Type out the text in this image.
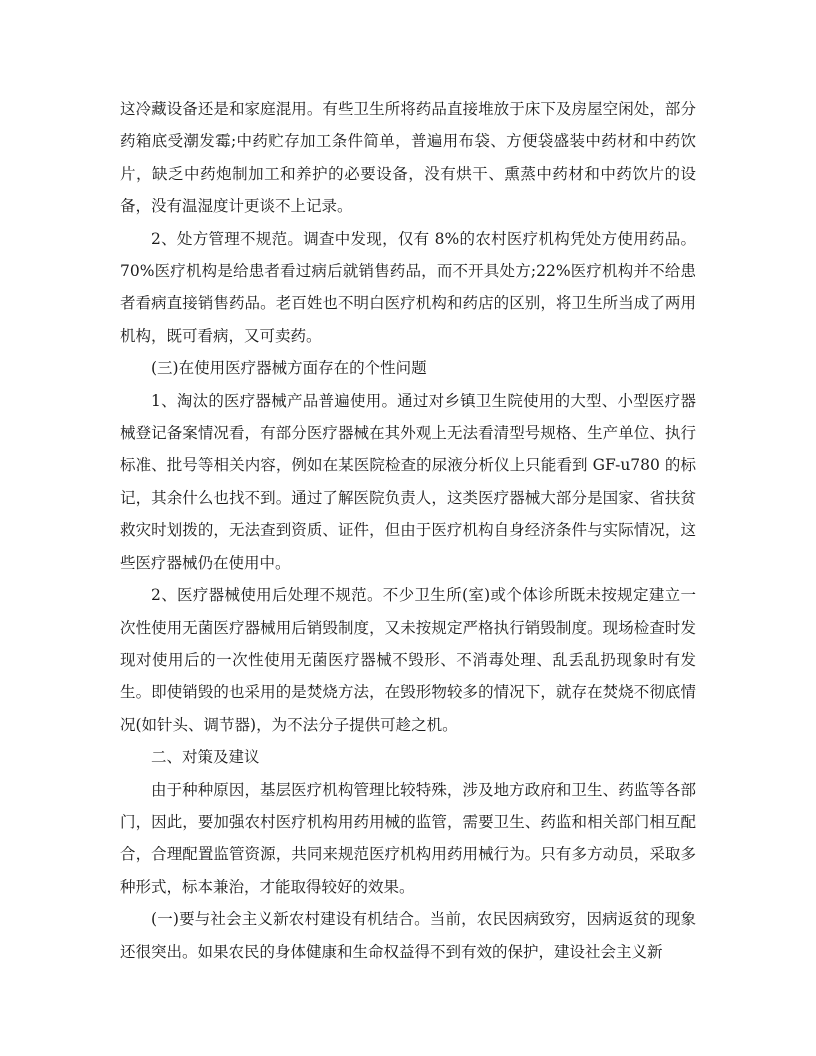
这冷藏设备还是和家庭混用。有些卫生所将药品直接堆放于床下及房屋空闲处，部分药箱底受潮发霉;中药贮存加工条件简单，普遍用布袋、方便袋盛装中药材和中药饮片，缺乏中药炮制加工和养护的必要设备，没有烘干、熏蒸中药材和中药饮片的设备，没有温湿度计更谈不上记录。

2、处方管理不规范。调查中发现，仅有 8%的农村医疗机构凭处方使用药品。70%医疗机构是给患者看过病后就销售药品，而不开具处方;22%医疗机构并不给患者看病直接销售药品。老百姓也不明白医疗机构和药店的区别，将卫生所当成了两用机构，既可看病，又可卖药。

(三)在使用医疗器械方面存在的个性问题

1、淘汰的医疗器械产品普遍使用。通过对乡镇卫生院使用的大型、小型医疗器械登记备案情况看，有部分医疗器械在其外观上无法看清型号规格、生产单位、执行标准、批号等相关内容，例如在某医院检查的尿液分析仪上只能看到 GF-u780 的标记，其余什么也找不到。通过了解医院负责人，这类医疗器械大部分是国家、省扶贫救灾时划拨的，无法查到资质、证件，但由于医疗机构自身经济条件与实际情况，这些医疗器械仍在使用中。

2、医疗器械使用后处理不规范。不少卫生所(室)或个体诊所既未按规定建立一次性使用无菌医疗器械用后销毁制度，又未按规定严格执行销毁制度。现场检查时发现对使用后的一次性使用无菌医疗器械不毁形、不消毒处理、乱丢乱扔现象时有发生。即使销毁的也采用的是焚烧方法，在毁形物较多的情况下，就存在焚烧不彻底情况(如针头、调节器)，为不法分子提供可趁之机。

二、对策及建议

由于种种原因，基层医疗机构管理比较特殊，涉及地方政府和卫生、药监等各部门，因此，要加强农村医疗机构用药用械的监管，需要卫生、药监和相关部门相互配合，合理配置监管资源，共同来规范医疗机构用药用械行为。只有多方动员，采取多种形式，标本兼治，才能取得较好的效果。

(一)要与社会主义新农村建设有机结合。当前，农民因病致穷，因病返贫的现象还很突出。如果农民的身体健康和生命权益得不到有效的保护，建设社会主义新
